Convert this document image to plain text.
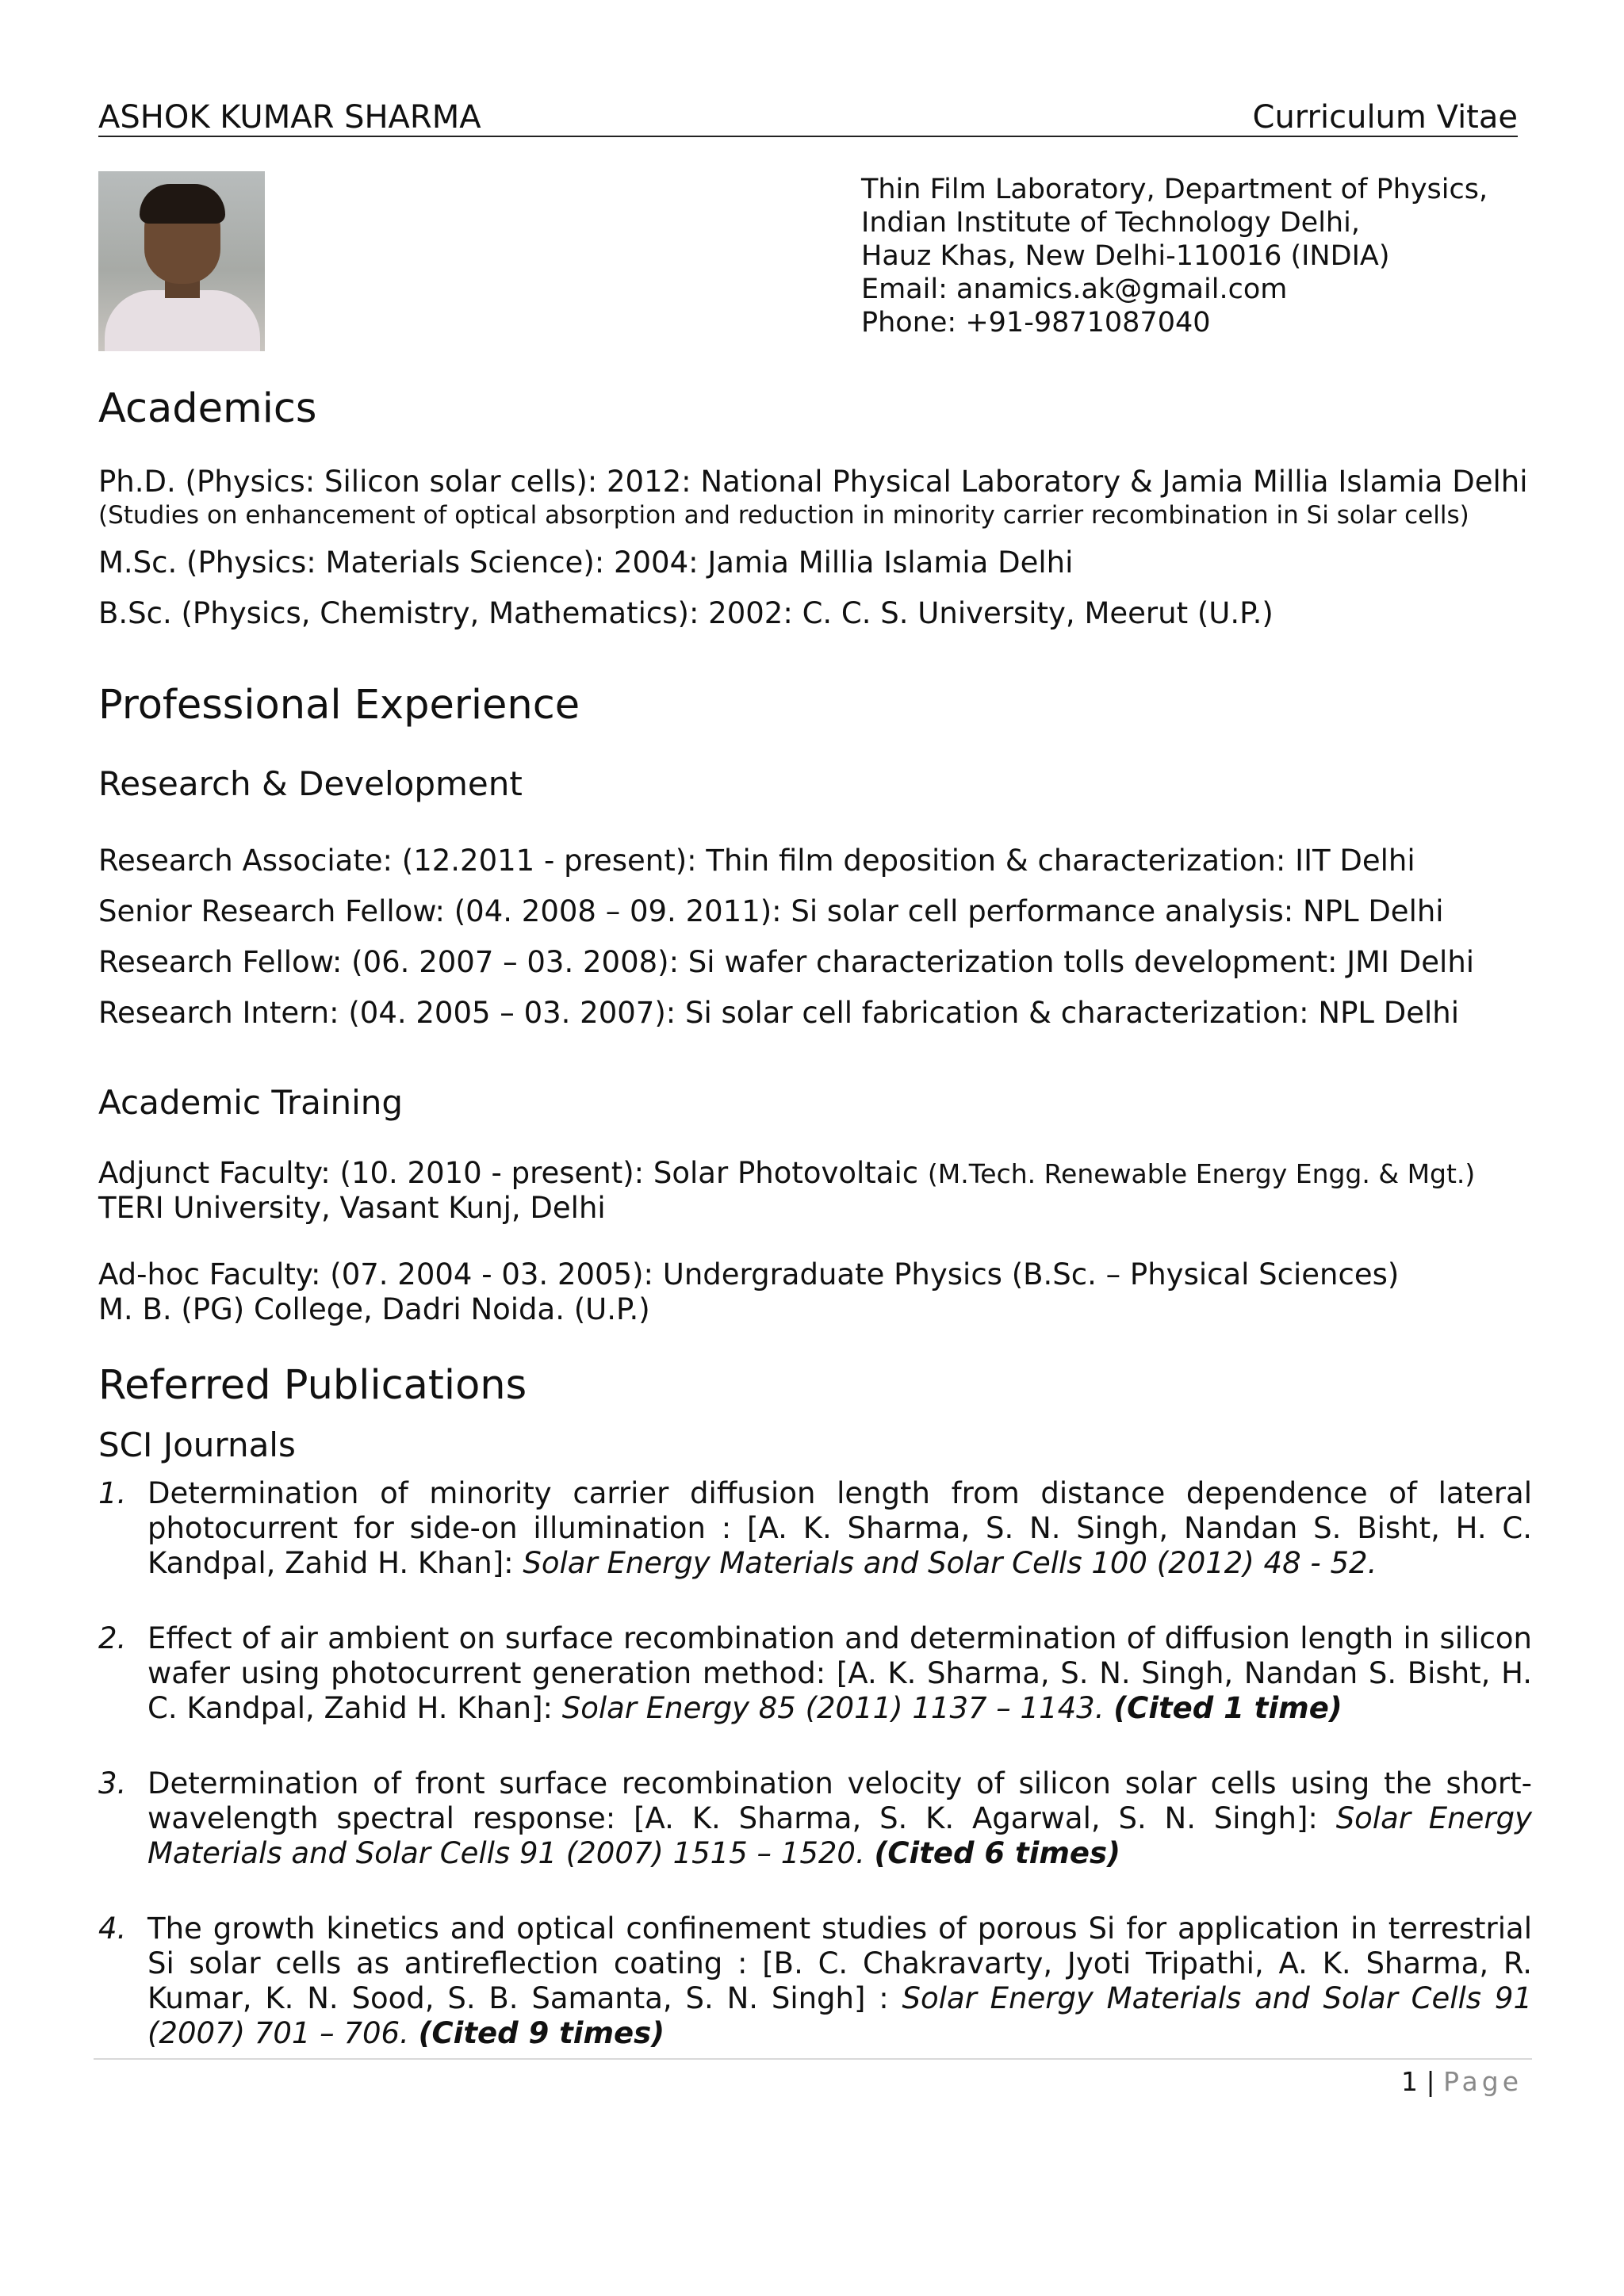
ASHOK KUMAR SHARMA	Curriculum Vitae
Thin Film Laboratory, Department of Physics,
Indian Institute of Technology Delhi,
Hauz Khas, New Delhi-110016 (INDIA)
Email: anamics.ak@gmail.com
Phone: +91-9871087040
Academics
Ph.D. (Physics: Silicon solar cells): 2012: National Physical Laboratory & Jamia Millia Islamia Delhi
(Studies on enhancement of optical absorption and reduction in minority carrier recombination in Si solar cells)
M.Sc. (Physics: Materials Science): 2004: Jamia Millia Islamia Delhi
B.Sc. (Physics, Chemistry, Mathematics): 2002: C. C. S. University, Meerut (U.P.)
Professional Experience
Research & Development
Research Associate: (12.2011 - present): Thin film deposition & characterization: IIT Delhi
Senior Research Fellow: (04. 2008 – 09. 2011): Si solar cell performance analysis: NPL Delhi
Research Fellow: (06. 2007 – 03. 2008): Si wafer characterization tolls development: JMI Delhi
Research Intern: (04. 2005 – 03. 2007): Si solar cell fabrication & characterization: NPL Delhi
Academic Training
Adjunct Faculty: (10. 2010 - present): Solar Photovoltaic (M.Tech. Renewable Energy Engg. & Mgt.)
TERI University, Vasant Kunj, Delhi
Ad-hoc Faculty: (07. 2004 - 03. 2005): Undergraduate Physics (B.Sc. – Physical Sciences)
M. B. (PG) College, Dadri Noida. (U.P.)
Referred Publications
SCI Journals
1. Determination of minority carrier diffusion length from distance dependence of lateral photocurrent for side-on illumination : [A. K. Sharma, S. N. Singh, Nandan S. Bisht, H. C. Kandpal, Zahid H. Khan]: Solar Energy Materials and Solar Cells 100 (2012) 48 - 52.
2. Effect of air ambient on surface recombination and determination of diffusion length in silicon wafer using photocurrent generation method: [A. K. Sharma, S. N. Singh, Nandan S. Bisht, H. C. Kandpal, Zahid H. Khan]: Solar Energy 85 (2011) 1137 – 1143. (Cited 1 time)
3. Determination of front surface recombination velocity of silicon solar cells using the short-wavelength spectral response: [A. K. Sharma, S. K. Agarwal, S. N. Singh]: Solar Energy Materials and Solar Cells 91 (2007) 1515 – 1520. (Cited 6 times)
4. The growth kinetics and optical confinement studies of porous Si for application in terrestrial Si solar cells as antireflection coating : [B. C. Chakravarty, Jyoti Tripathi, A. K. Sharma, R. Kumar, K. N. Sood, S. B. Samanta, S. N. Singh] : Solar Energy Materials and Solar Cells 91 (2007) 701 – 706. (Cited 9 times)
1 | Page
